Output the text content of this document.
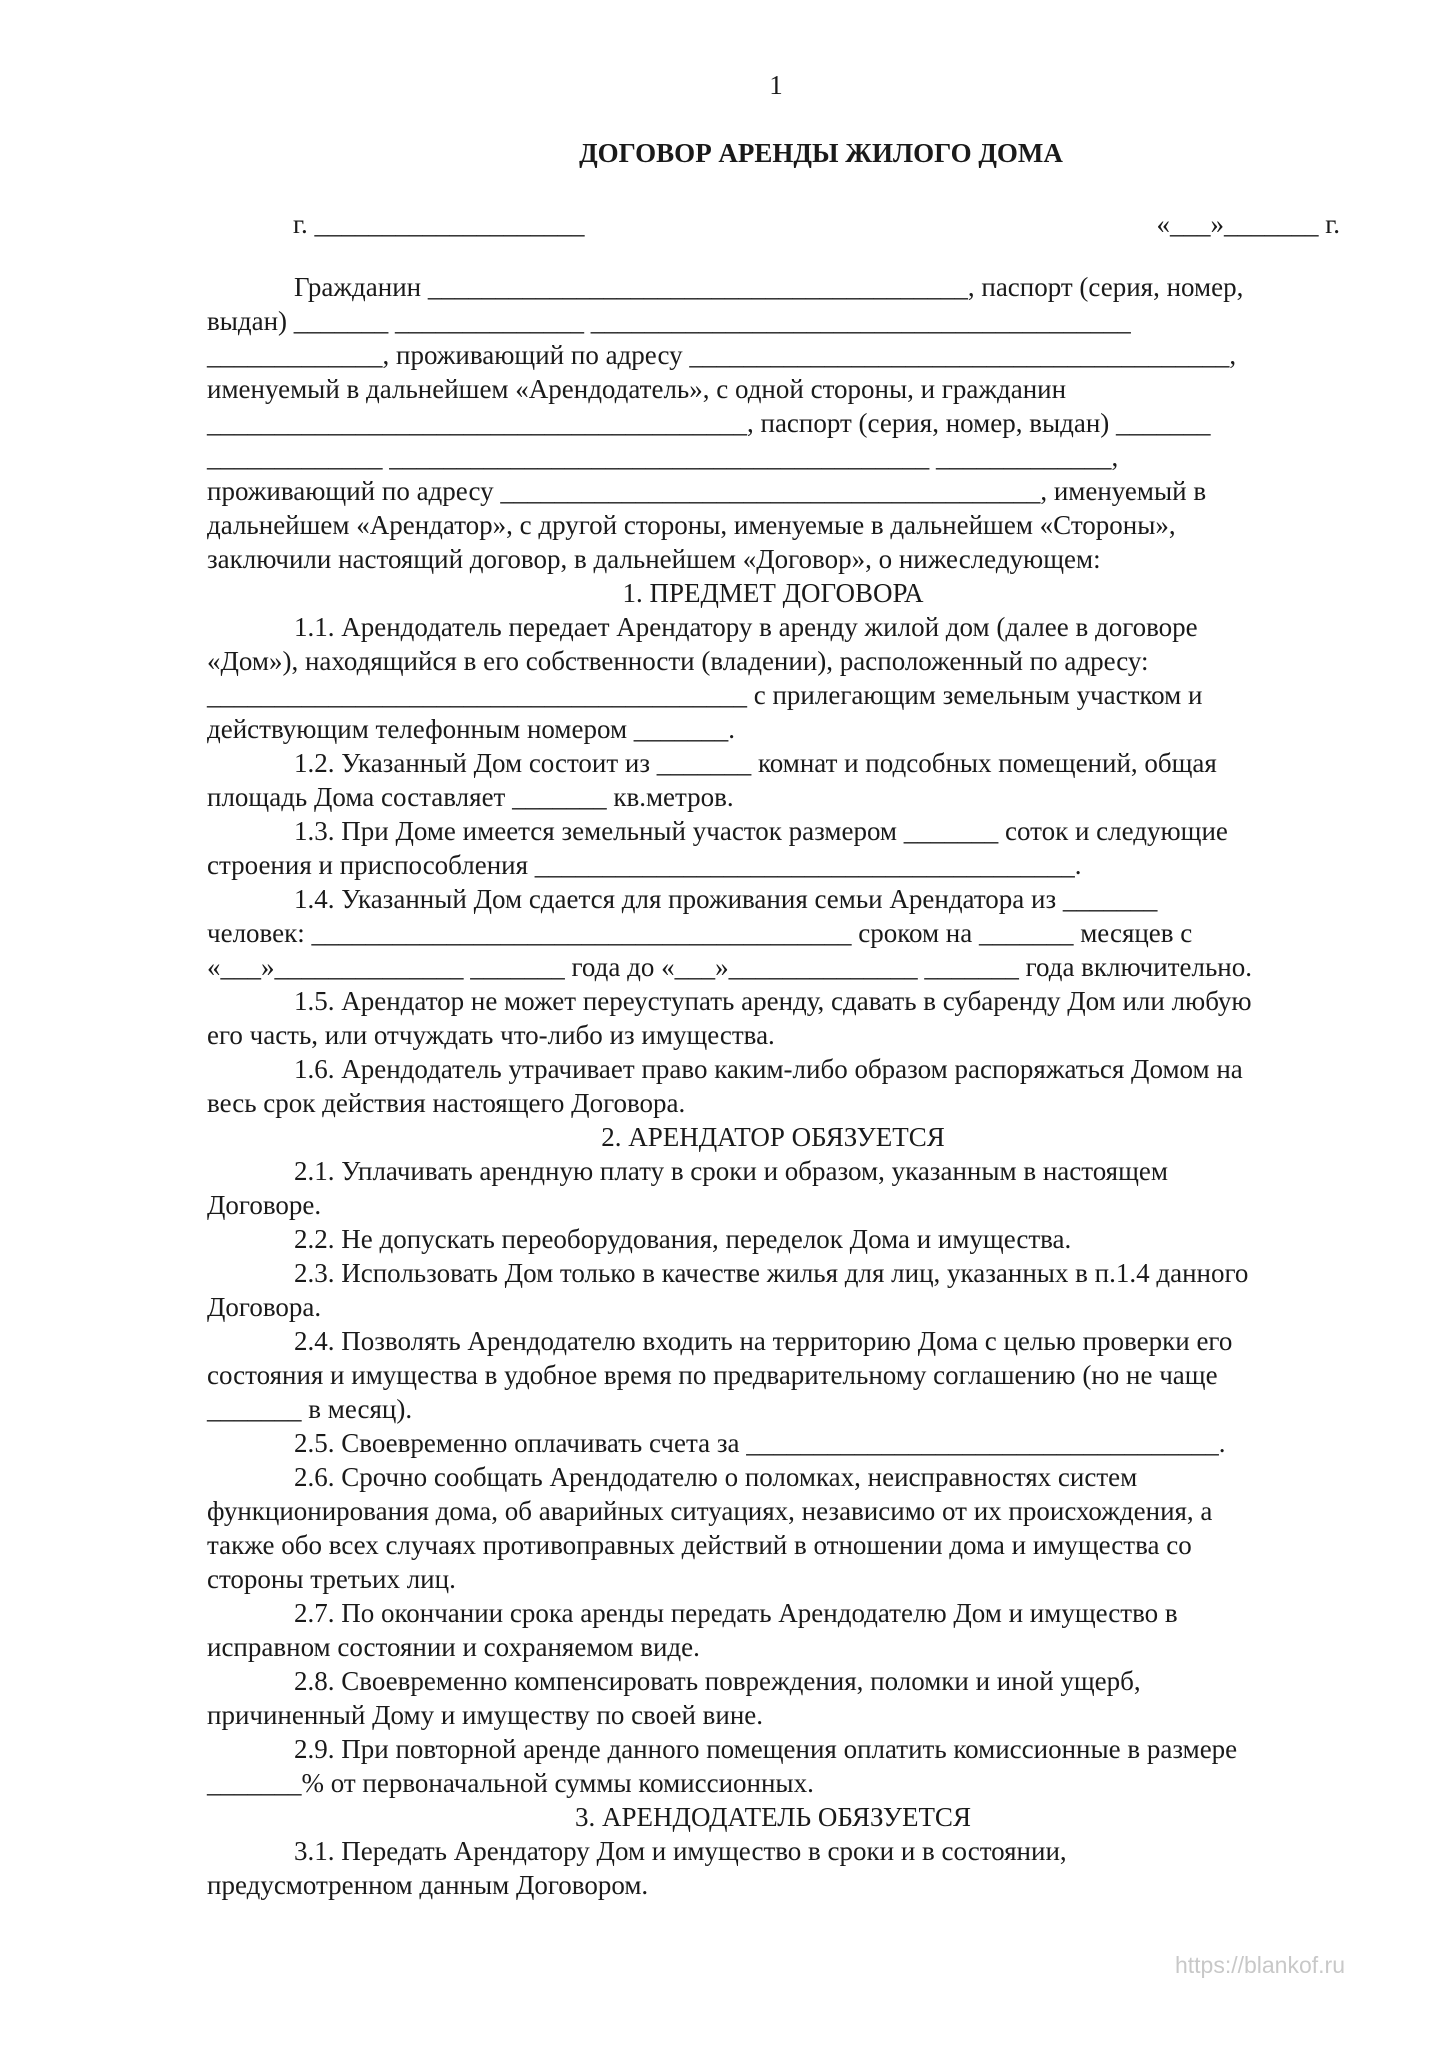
1
ДОГОВОР АРЕНДЫ ЖИЛОГО ДОМА
г. ____________________	«___»_______ г.

Гражданин ________________________________________, паспорт (серия, номер,
выдан) _______ ______________ ________________________________________
_____________, проживающий по адресу ________________________________________,
именуемый в дальнейшем «Арендодатель», с одной стороны, и гражданин
________________________________________, паспорт (серия, номер, выдан) _______
_____________ ________________________________________ _____________,
проживающий по адресу ________________________________________, именуемый в
дальнейшем «Арендатор», с другой стороны, именуемые в дальнейшем «Стороны»,
заключили настоящий договор, в дальнейшем «Договор», о нижеследующем:

1. ПРЕДМЕТ ДОГОВОРА

1.1. Арендодатель передает Арендатору в аренду жилой дом (далее в договоре
«Дом»), находящийся в его собственности (владении), расположенный по адресу:
________________________________________ с прилегающим земельным участком и
действующим телефонным номером _______.

1.2. Указанный Дом состоит из _______ комнат и подсобных помещений, общая
площадь Дома составляет _______ кв.метров.

1.3. При Доме имеется земельный участок размером _______ соток и следующие
строения и приспособления ________________________________________.

1.4. Указанный Дом сдается для проживания семьи Арендатора из _______
человек: ________________________________________ сроком на _______ месяцев с
«___»______________ _______ года до «___»______________ _______ года включительно.

1.5. Арендатор не может переуступать аренду, сдавать в субаренду Дом или любую
его часть, или отчуждать что-либо из имущества.

1.6. Арендодатель утрачивает право каким-либо образом распоряжаться Домом на
весь срок действия настоящего Договора.

2. АРЕНДАТОР ОБЯЗУЕТСЯ

2.1. Уплачивать арендную плату в сроки и образом, указанным в настоящем
Договоре.

2.2. Не допускать переоборудования, переделок Дома и имущества.

2.3. Использовать Дом только в качестве жилья для лиц, указанных в п.1.4 данного
Договора.

2.4. Позволять Арендодателю входить на территорию Дома с целью проверки его
состояния и имущества в удобное время по предварительному соглашению (но не чаще
_______ в месяц).

2.5. Своевременно оплачивать счета за ___________________________________.

2.6. Срочно сообщать Арендодателю о поломках, неисправностях систем
функционирования дома, об аварийных ситуациях, независимо от их происхождения, а
также обо всех случаях противоправных действий в отношении дома и имущества со
стороны третьих лиц.

2.7. По окончании срока аренды передать Арендодателю Дом и имущество в
исправном состоянии и сохраняемом виде.

2.8. Своевременно компенсировать повреждения, поломки и иной ущерб,
причиненный Дому и имуществу по своей вине.

2.9. При повторной аренде данного помещения оплатить комиссионные в размере
_______% от первоначальной суммы комиссионных.

3. АРЕНДОДАТЕЛЬ ОБЯЗУЕТСЯ

3.1. Передать Арендатору Дом и имущество в сроки и в состоянии,
предусмотренном данным Договором.

https://blankof.ru
